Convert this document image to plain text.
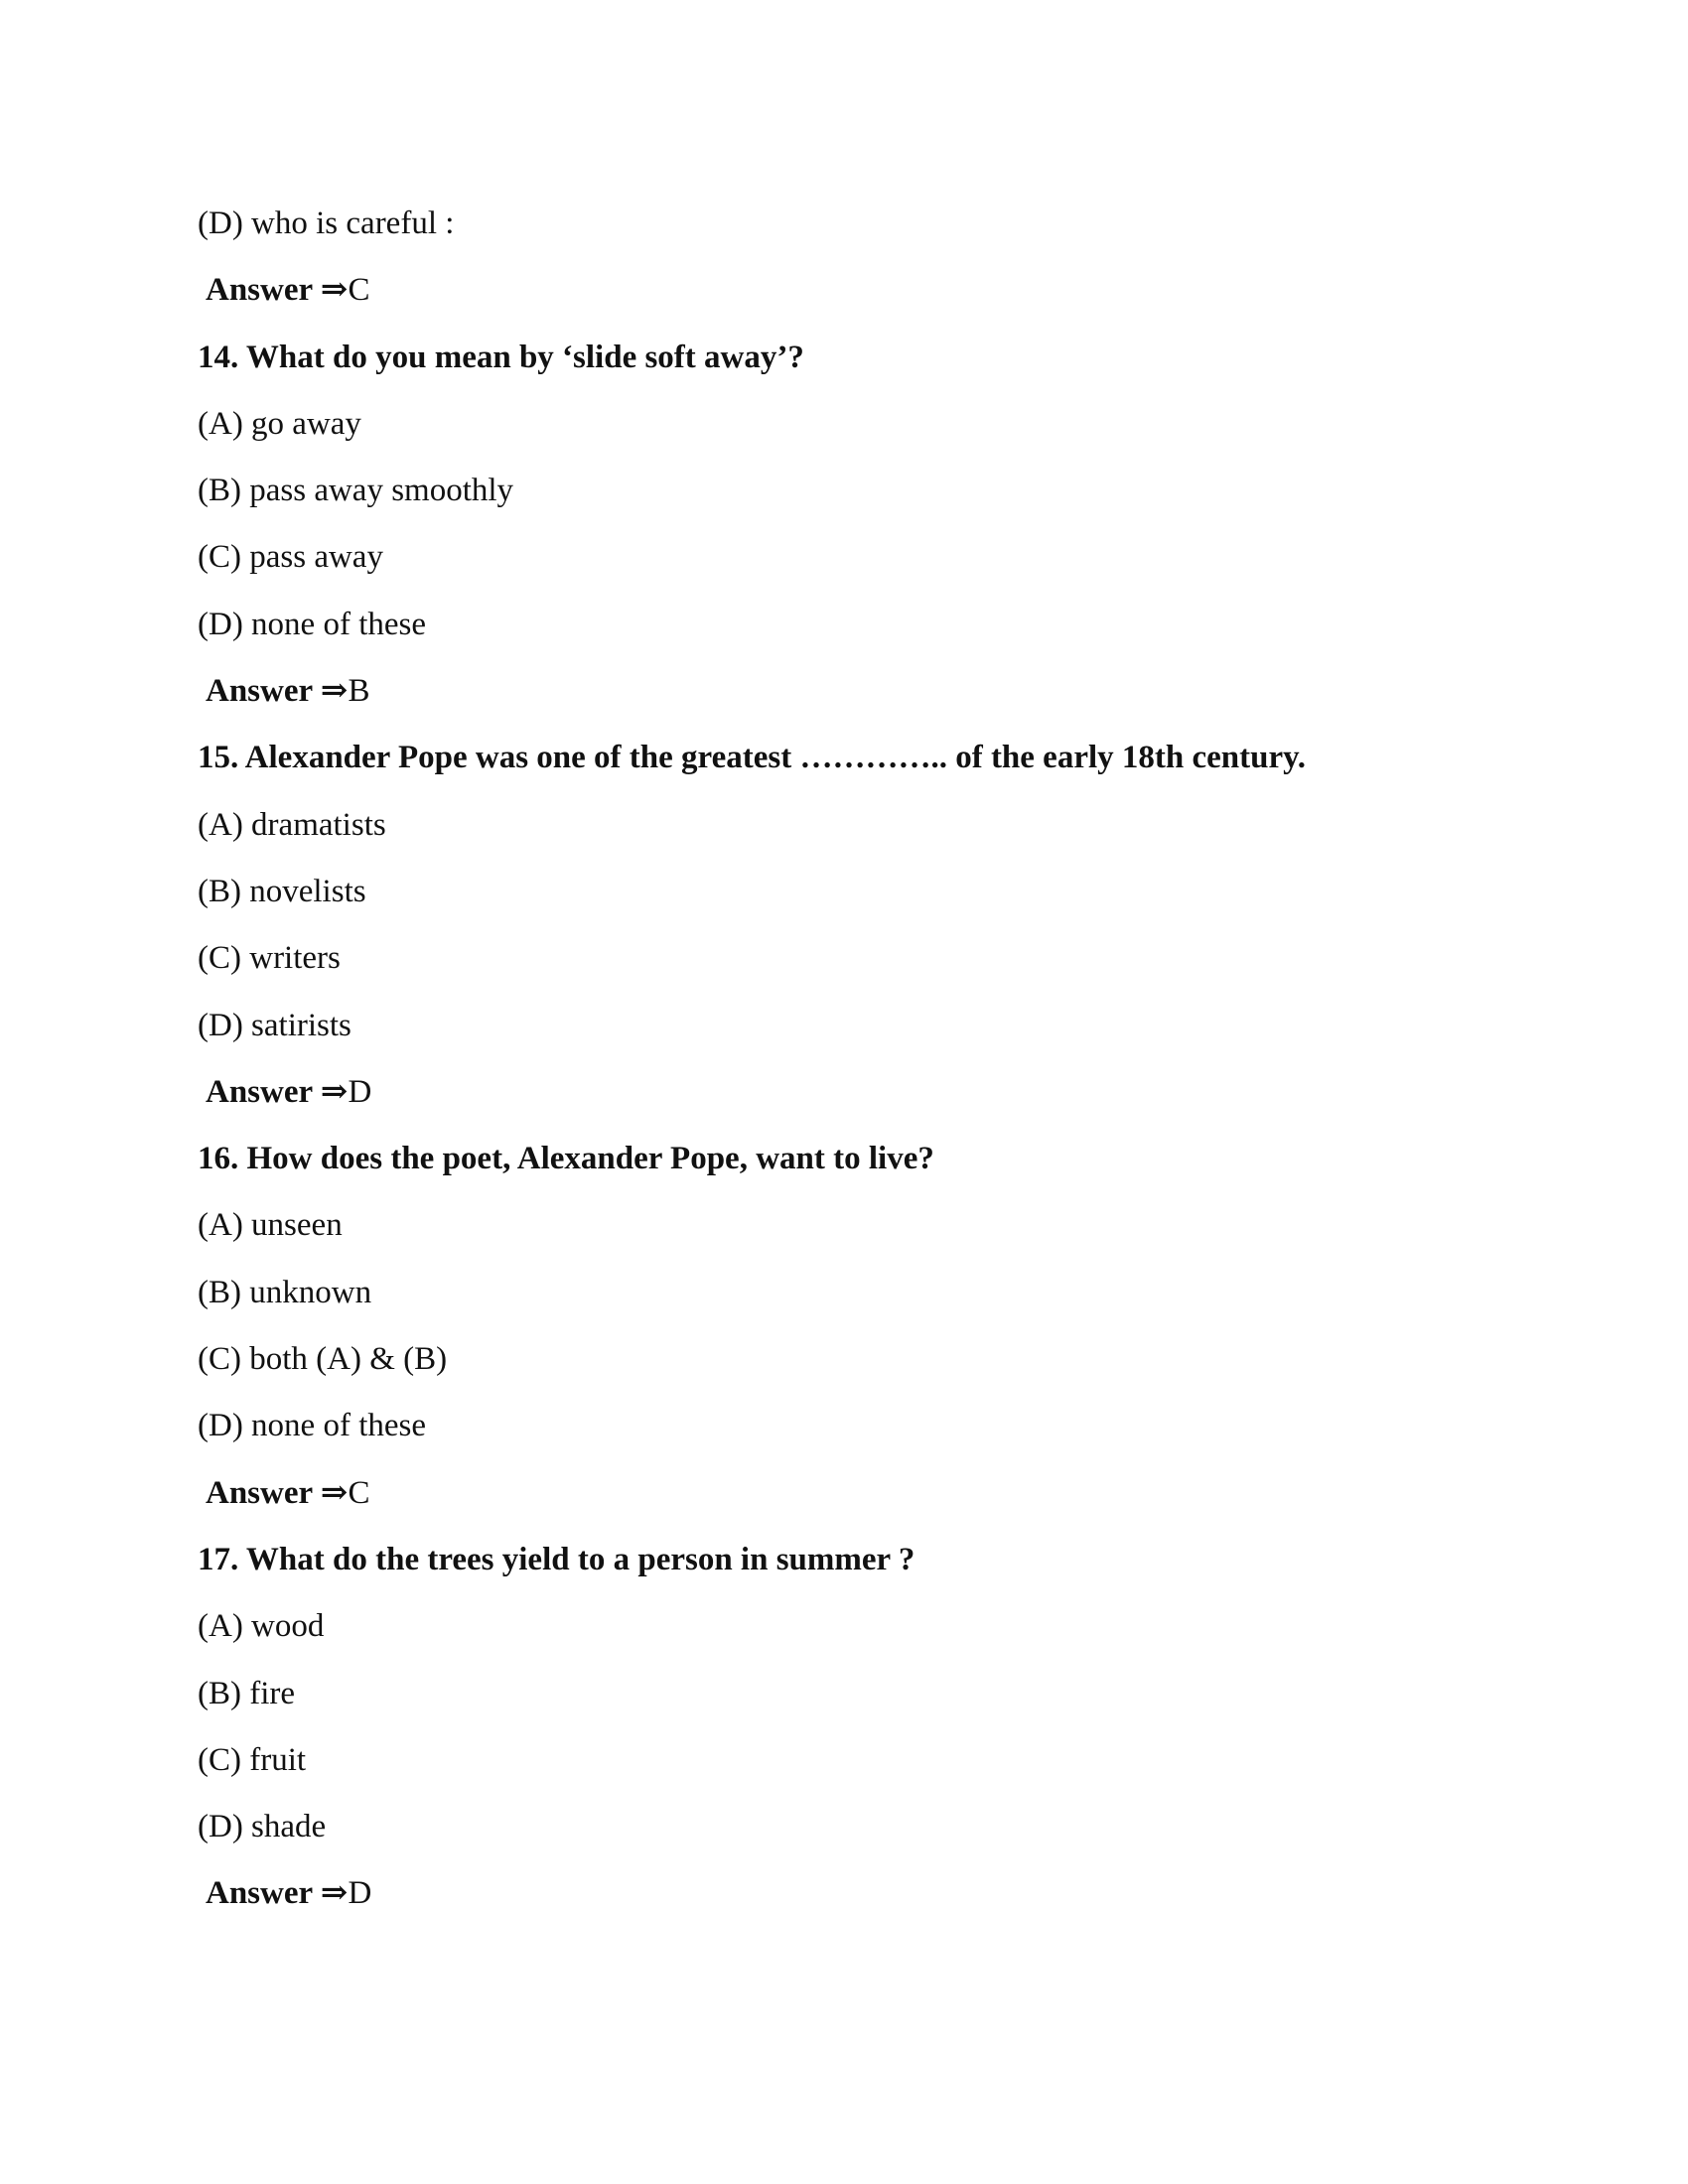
(D) who is careful :
Answer ⇒C
14. What do you mean by ‘slide soft away’?
(A) go away
(B) pass away smoothly
(C) pass away
(D) none of these
Answer ⇒B
15. Alexander Pope was one of the greatest ………….. of the early 18th century.
(A) dramatists
(B) novelists
(C) writers
(D) satirists
Answer ⇒D
16. How does the poet, Alexander Pope, want to live?
(A) unseen
(B) unknown
(C) both (A) & (B)
(D) none of these
Answer ⇒C
17. What do the trees yield to a person in summer ?
(A) wood
(B) fire
(C) fruit
(D) shade
Answer ⇒D
